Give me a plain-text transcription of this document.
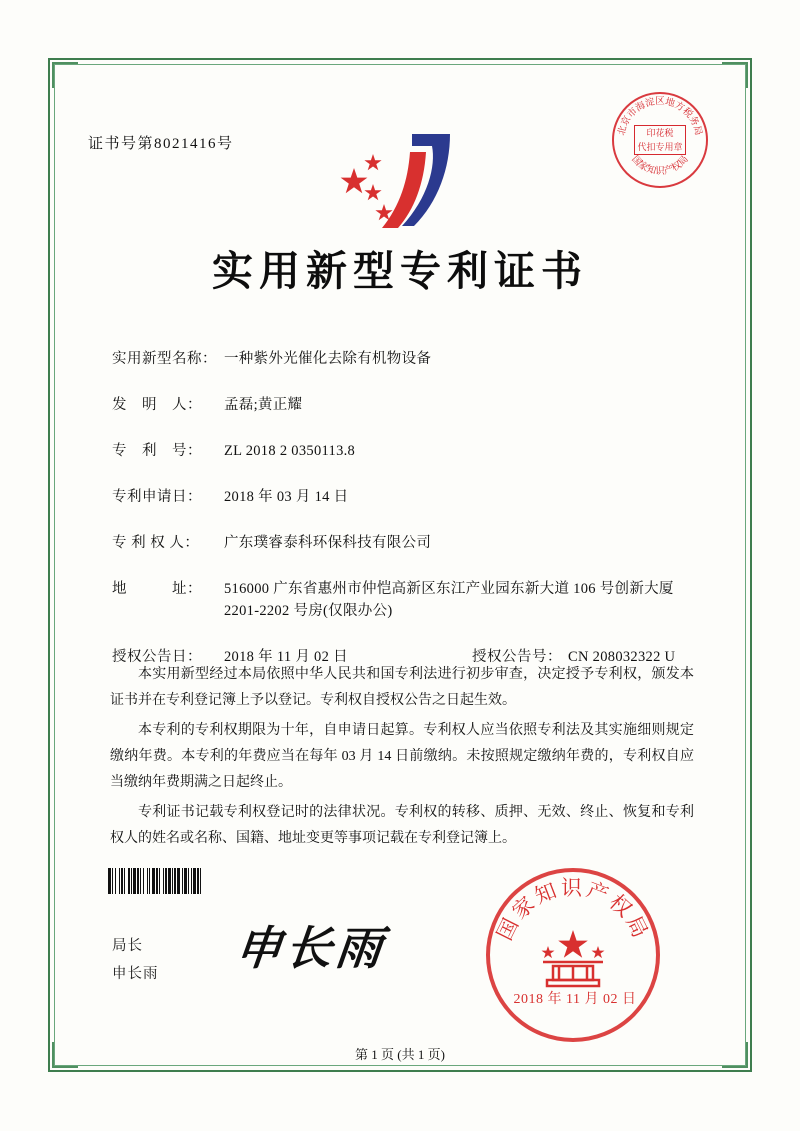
证书号第8021416号
北京市海淀区地方税务局
国家知识产权局
印花税
代扣专用章
实用新型专利证书
实用新型名称： 一种紫外光催化去除有机物设备
发　明　人：	孟磊;黄正耀
专　利　号：	ZL 2018 2 0350113.8
专利申请日：	2018 年 03 月 14 日
专 利 权 人：	广东璞睿泰科环保科技有限公司
地　　　址：	516000 广东省惠州市仲恺高新区东江产业园东新大道 106 号创新大厦 2201-2202 号房(仅限办公)
授权公告日：	2018 年 11 月 02 日	授权公告号： CN 208032322 U

本实用新型经过本局依照中华人民共和国专利法进行初步审查，决定授予专利权，颁发本证书并在专利登记簿上予以登记。专利权自授权公告之日起生效。

本专利的专利权期限为十年，自申请日起算。专利权人应当依照专利法及其实施细则规定缴纳年费。本专利的年费应当在每年 03 月 14 日前缴纳。未按照规定缴纳年费的，专利权自应当缴纳年费期满之日起终止。

专利证书记载专利权登记时的法律状况。专利权的转移、质押、无效、终止、恢复和专利权人的姓名或名称、国籍、地址变更等事项记载在专利登记簿上。

局长
申长雨 申长雨	国家知识产权局
2018 年 11 月 02 日
第 1 页 (共 1 页)
